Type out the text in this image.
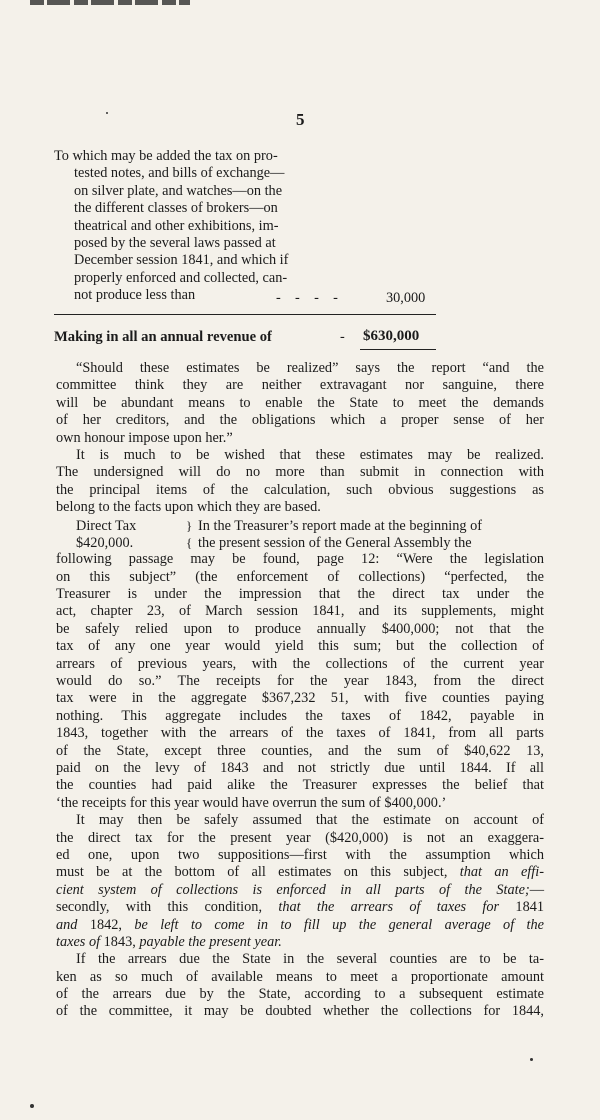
5
To which may be added the tax on pro-
tested notes, and bills of exchange—
on silver plate, and watches—on the
the different classes of brokers—on
theatrical and other exhibitions, im-
posed by the several laws passed at
December session 1841, and which if
properly enforced and collected, can-
not produce less than	-    -    -    -	30,000
Making in all an annual revenue of	- $630,000
“Should these estimates be realized” says the report “and the
committee think they are neither extravagant nor sanguine, there
will be abundant means to enable the State to meet the demands
of her creditors, and the obligations which a proper sense of her
own honour impose upon her.”
It is much to be wished that these estimates may be realized.
The undersigned will do no more than submit in connection with
the principal items of the calculation, such obvious suggestions as
belong to the facts upon which they are based.
Direct Tax	} In the Treasurer’s report made at the beginning of
$420,000.	{ the present session of the General Assembly the
following passage may be found, page 12: “Were the legislation
on this subject” (the enforcement of collections) “perfected, the
Treasurer is under the impression that the direct tax under the
act, chapter 23, of March session 1841, and its supplements, might
be safely relied upon to produce annually $400,000; not that the
tax of any one year would yield this sum; but the collection of
arrears of previous years, with the collections of the current year
would do so.” The receipts for the year 1843, from the direct
tax were in the aggregate $367,232 51, with five counties paying
nothing. This aggregate includes the taxes of 1842, payable in
1843, together with the arrears of the taxes of 1841, from all parts
of the State, except three counties, and the sum of $40,622 13,
paid on the levy of 1843 and not strictly due until 1844. If all
the counties had paid alike the Treasurer expresses the belief that
‘the receipts for this year would have overrun the sum of $400,000.’
It may then be safely assumed that the estimate on account of
the direct tax for the present year ($420,000) is not an exaggera-
ed one, upon two suppositions—first with the assumption which
must be at the bottom of all estimates on this subject, that an effi-
cient system of collections is enforced in all parts of the State;—
secondly, with this condition, that the arrears of taxes for 1841
and 1842, be left to come in to fill up the general average of the
taxes of 1843, payable the present year.
If the arrears due the State in the several counties are to be ta-
ken as so much of available means to meet a proportionate amount
of the arrears due by the State, according to a subsequent estimate
of the committee, it may be doubted whether the collections for 1844,
